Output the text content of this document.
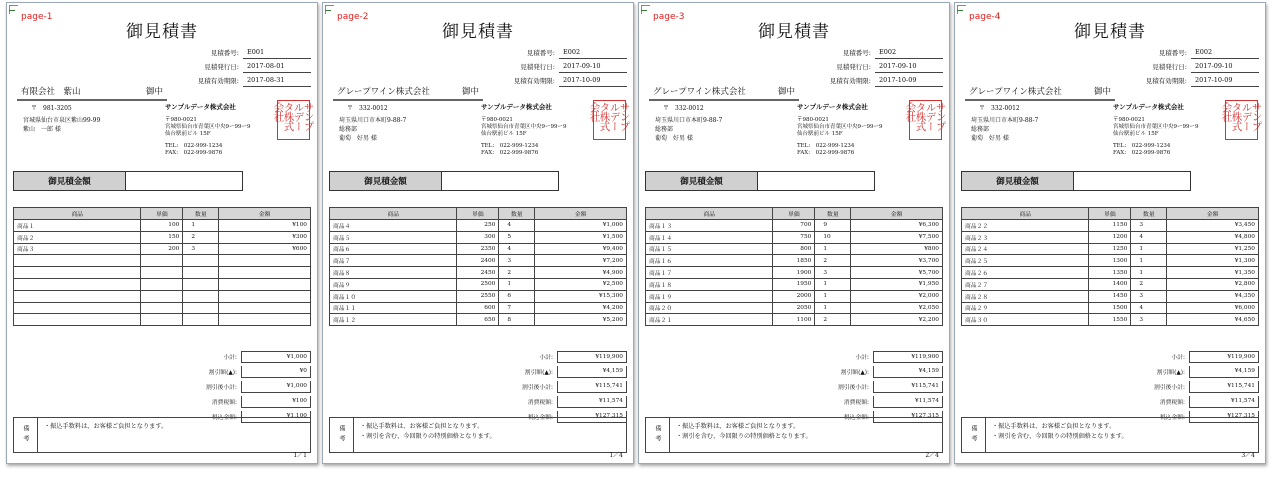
page-1
御見積書
見積番号:	E001
見積発行日:	2017-08-01
見積有効期限:	2017-08-31
有限会社　紫山	御中
〒　981-3205
宮城県仙台市泉区紫山99-99
紫山　一郎 様
サンプルデータ株式会社
〒980-0021
宮城県仙台市青葉区中央9ー99ー9
仙台駅前ビル 15F
TEL:　022-999-1234
FAX:　022-999-9876
サンプルデータ株式会社
御見積金額
商品	単価	数量	金額
商品１	100	1	¥100
商品２	150	2	¥300
商品３	200	3	¥600

小計:	¥1,000
割引額(▲):	¥0
割引後小計:	¥1,000
消費税額:	¥100
税込金額:	¥1,100
備考	・振込手数料は、お客様ご負担となります。
1／1
page-2
御見積書
見積番号:	E002
見積発行日:	2017-09-10
見積有効期限:	2017-10-09
グレープワイン株式会社	御中
〒　332-0012
埼玉県川口市本町9-88-7
総務部
葡萄　好男 様
サンプルデータ株式会社
〒980-0021
宮城県仙台市青葉区中央9ー99ー9
仙台駅前ビル 15F
TEL:　022-999-1234
FAX:　022-999-9876
サンプルデータ株式会社
御見積金額
商品	単価	数量	金額
商品４	250	4	¥1,000
商品５	300	5	¥1,500
商品６	2350	4	¥9,400
商品７	2400	3	¥7,200
商品８	2450	2	¥4,900
商品９	2500	1	¥2,500
商品１０	2550	6	¥15,300
商品１１	600	7	¥4,200
商品１２	650	8	¥5,200
小計:	¥119,900
割引額(▲):	¥4,159
割引後小計:	¥115,741
消費税額:	¥11,574
税込金額:	¥127,315
備考	・振込手数料は、お客様ご負担となります。
・割引を含む、今回限りの特別価格となります。
1／4
page-3
御見積書
見積番号:	E002
見積発行日:	2017-09-10
見積有効期限:	2017-10-09
グレープワイン株式会社	御中
〒　332-0012
埼玉県川口市本町9-88-7
総務部
葡萄　好男 様
サンプルデータ株式会社
〒980-0021
宮城県仙台市青葉区中央9ー99ー9
仙台駅前ビル 15F
TEL:　022-999-1234
FAX:　022-999-9876
サンプルデータ株式会社
御見積金額
商品	単価	数量	金額
商品１３	700	9	¥6,300
商品１４	750	10	¥7,500
商品１５	800	1	¥800
商品１６	1850	2	¥3,700
商品１７	1900	3	¥5,700
商品１８	1950	1	¥1,950
商品１９	2000	1	¥2,000
商品２０	2050	1	¥2,050
商品２１	1100	2	¥2,200
小計:	¥119,900
割引額(▲):	¥4,159
割引後小計:	¥115,741
消費税額:	¥11,574
税込金額:	¥127,315
備考	・振込手数料は、お客様ご負担となります。
・割引を含む、今回限りの特別価格となります。
2／4
page-4
御見積書
見積番号:	E002
見積発行日:	2017-09-10
見積有効期限:	2017-10-09
グレープワイン株式会社	御中
〒　332-0012
埼玉県川口市本町9-88-7
総務部
葡萄　好男 様
サンプルデータ株式会社
〒980-0021
宮城県仙台市青葉区中央9ー99ー9
仙台駅前ビル 15F
TEL:　022-999-1234
FAX:　022-999-9876
サンプルデータ株式会社
御見積金額
商品	単価	数量	金額
商品２２	1150	3	¥3,450
商品２３	1200	4	¥4,800
商品２４	1250	1	¥1,250
商品２５	1300	1	¥1,300
商品２６	1350	1	¥1,350
商品２７	1400	2	¥2,800
商品２８	1450	3	¥4,350
商品２９	1500	4	¥6,000
商品３０	1550	3	¥4,650
小計:	¥119,900
割引額(▲):	¥4,159
割引後小計:	¥115,741
消費税額:	¥11,574
税込金額:	¥127,315
備考	・振込手数料は、お客様ご負担となります。
・割引を含む、今回限りの特別価格となります。
3／4
